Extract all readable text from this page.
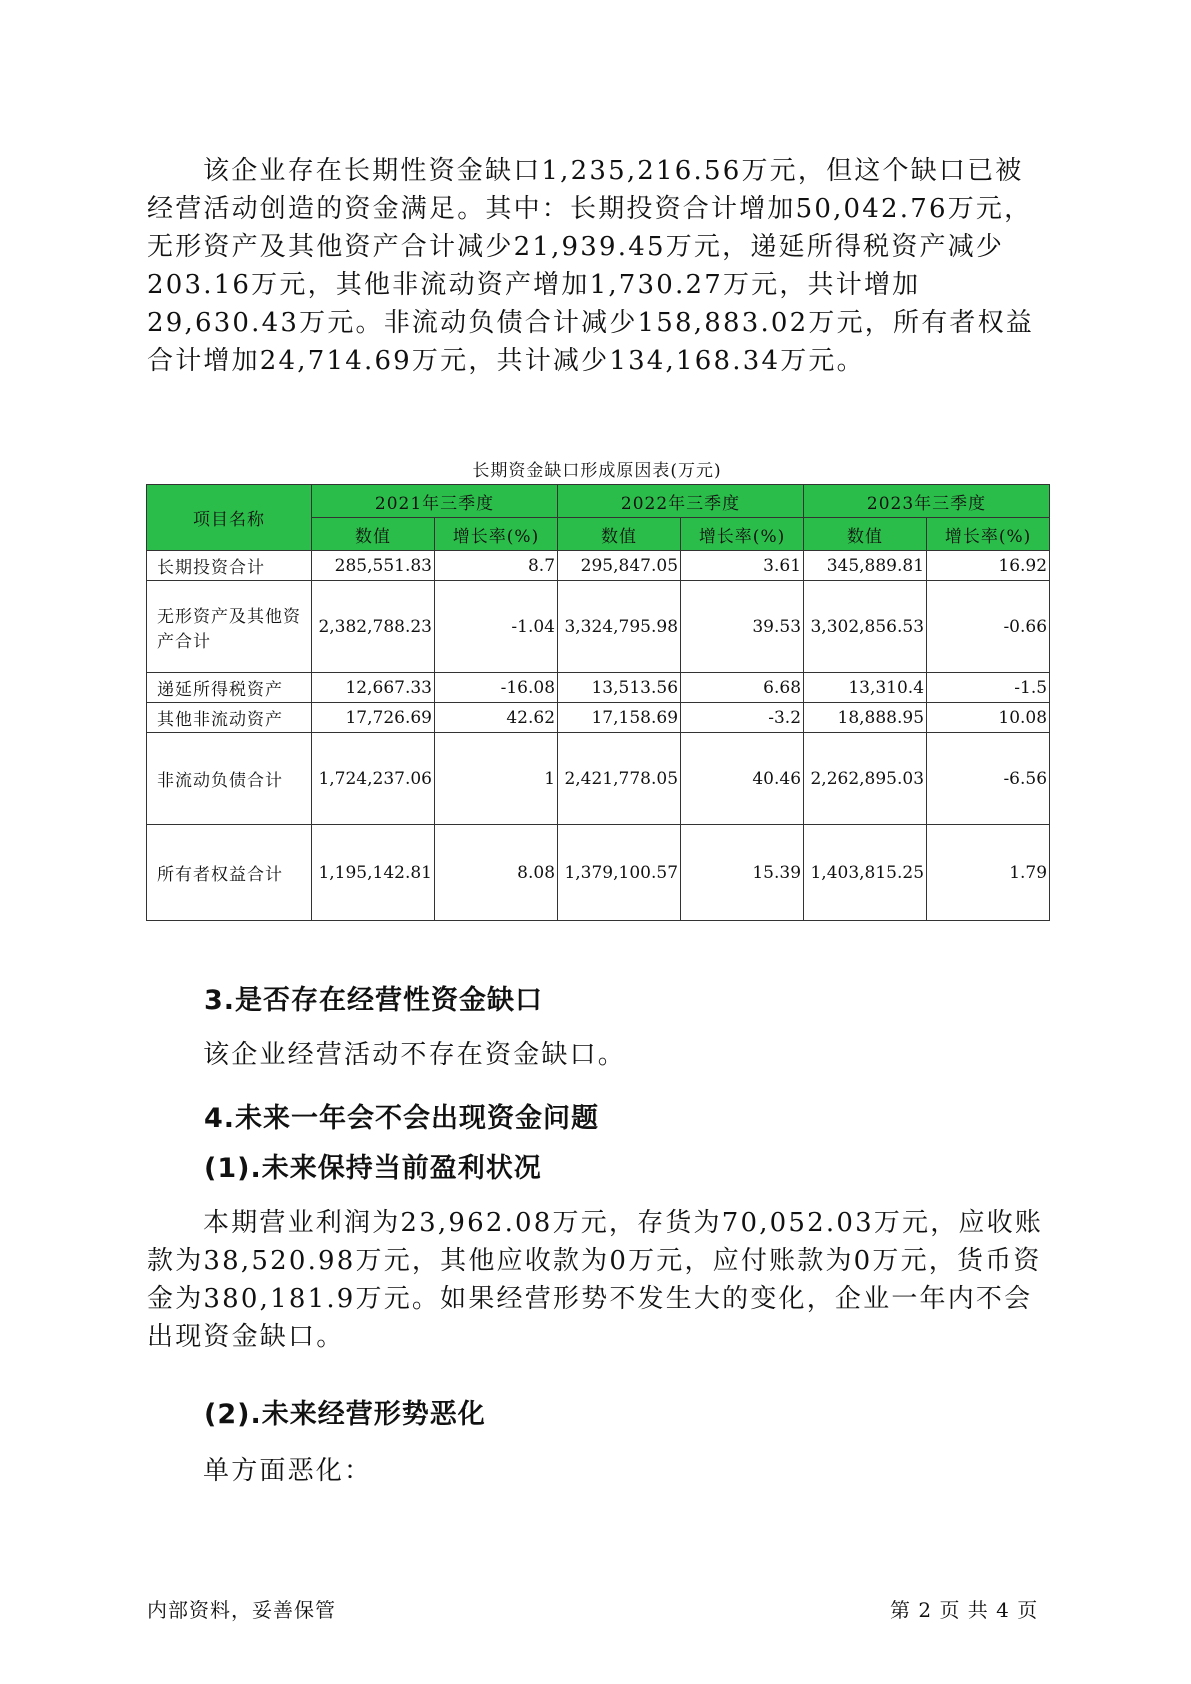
该企业存在长期性资金缺口1,235,216.56万元，但这个缺口已被经营活动创造的资金满足。其中：长期投资合计增加50,042.76万元，无形资产及其他资产合计减少21,939.45万元，递延所得税资产减少203.16万元，其他非流动资产增加1,730.27万元，共计增加29,630.43万元。非流动负债合计减少158,883.02万元，所有者权益合计增加24,714.69万元，共计减少134,168.34万元。

长期资金缺口形成原因表(万元)
项目名称	2021年三季度		2022年三季度		2023年三季度	
	数值	增长率(%)	数值	增长率(%)	数值	增长率(%)
长期投资合计	285,551.83	8.7	295,847.05	3.61	345,889.81	16.92
无形资产及其他资产合计	2,382,788.23	-1.04	3,324,795.98	39.53	3,302,856.53	-0.66
递延所得税资产	12,667.33	-16.08	13,513.56	6.68	13,310.4	-1.5
其他非流动资产	17,726.69	42.62	17,158.69	-3.2	18,888.95	10.08
非流动负债合计	1,724,237.06	1	2,421,778.05	40.46	2,262,895.03	-6.56
所有者权益合计	1,195,142.81	8.08	1,379,100.57	15.39	1,403,815.25	1.79
3.是否存在经营性资金缺口

该企业经营活动不存在资金缺口。

4.未来一年会不会出现资金问题
(1).未来保持当前盈利状况

本期营业利润为23,962.08万元，存货为70,052.03万元，应收账款为38,520.98万元，其他应收款为0万元，应付账款为0万元，货币资金为380,181.9万元。如果经营形势不发生大的变化，企业一年内不会出现资金缺口。

(2).未来经营形势恶化

单方面恶化：

内部资料，妥善保管	第 2 页 共 4 页
